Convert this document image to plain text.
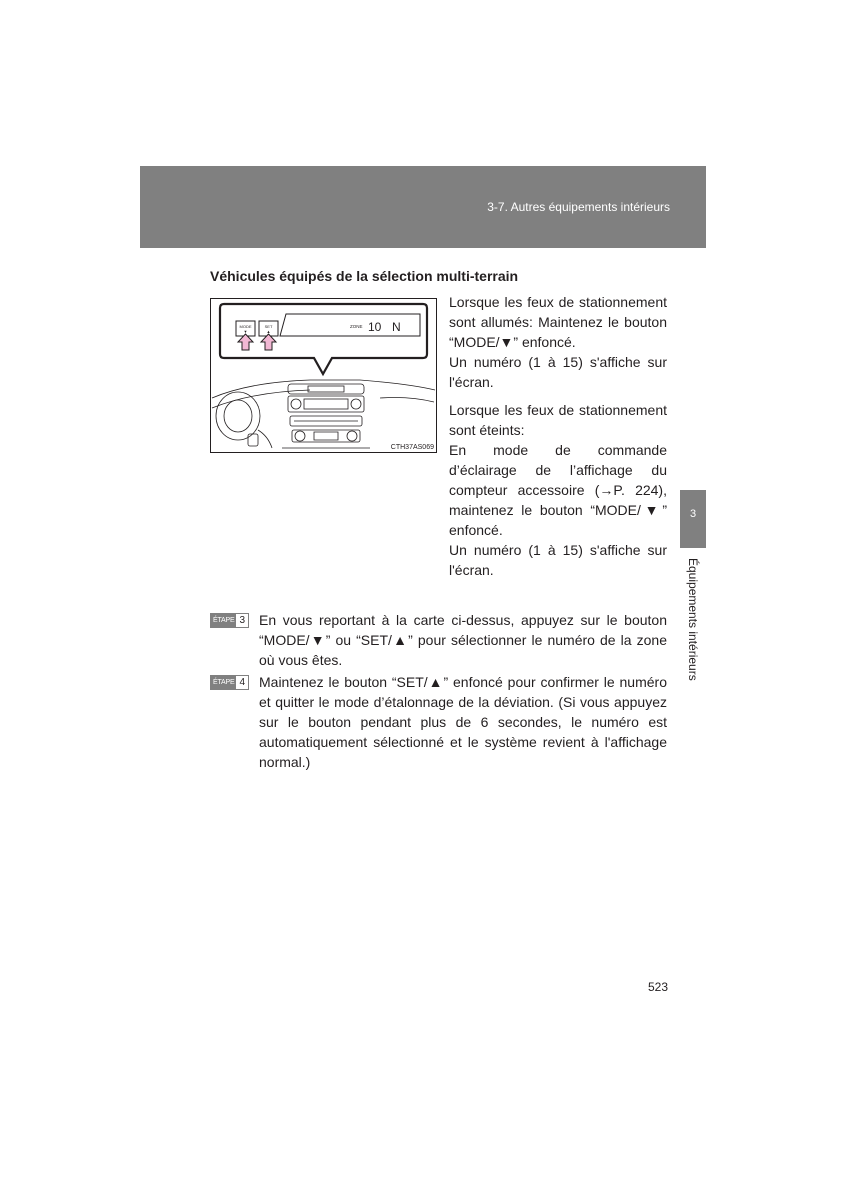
3-7. Autres équipements intérieurs
3
Équipements intérieurs
Véhicules équipés de la sélection multi-terrain
MODE
▼
SET
▲
ZONE 10 N
CTH37AS069

Lorsque les feux de stationnement sont allumés: Maintenez le bouton “MODE/▼” enfoncé.

Un numéro (1 à 15) s'affiche sur l'écran.

Lorsque les feux de stationnement sont éteints:

En mode de commande d’éclairage de l’affichage du compteur accessoire (→P. 224), maintenez le bouton “MODE/▼” enfoncé.

Un numéro (1 à 15) s'affiche sur l'écran.

ÉTAPE 3 En vous reportant à la carte ci-dessus, appuyez sur le bouton “MODE/▼” ou “SET/▲” pour sélectionner le numéro de la zone où vous êtes.
ÉTAPE 4 Maintenez le bouton “SET/▲” enfoncé pour confirmer le numéro et quitter le mode d’étalonnage de la déviation. (Si vous appuyez sur le bouton pendant plus de 6 secondes, le numéro est automatiquement sélectionné et le système revient à l'affichage normal.)
523
